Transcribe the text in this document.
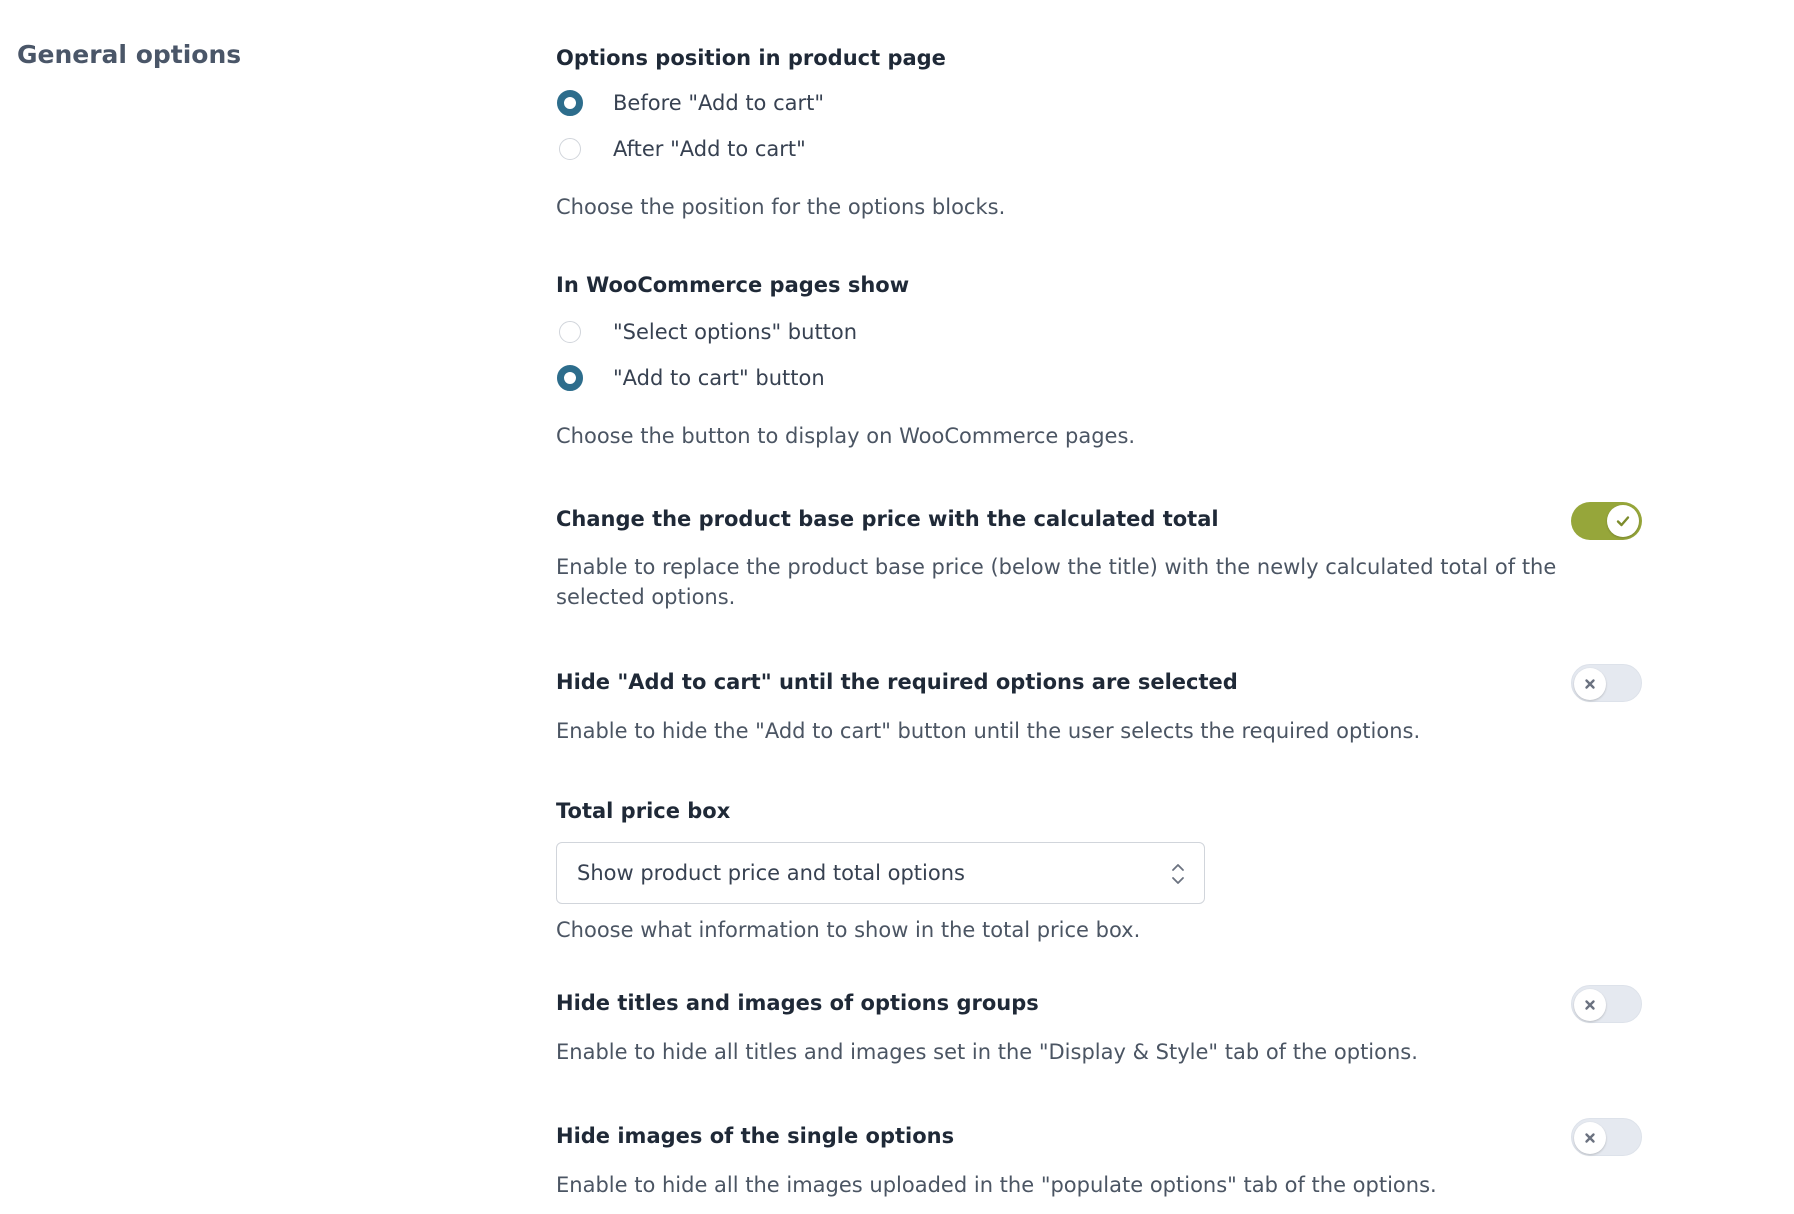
General options	Options position in product page
Before "Add to cart"
After "Add to cart"
Choose the position for the options blocks.
In WooCommerce pages show
"Select options" button
"Add to cart" button
Choose the button to display on WooCommerce pages.
Change the product base price with the calculated total
Enable to replace the product base price (below the title) with the newly calculated total of the selected options.
Hide "Add to cart" until the required options are selected
Enable to hide the "Add to cart" button until the user selects the required options.
Total price box
Show product price and total options
Choose what information to show in the total price box.
Hide titles and images of options groups
Enable to hide all titles and images set in the "Display & Style" tab of the options.
Hide images of the single options
Enable to hide all the images uploaded in the "populate options" tab of the options.
